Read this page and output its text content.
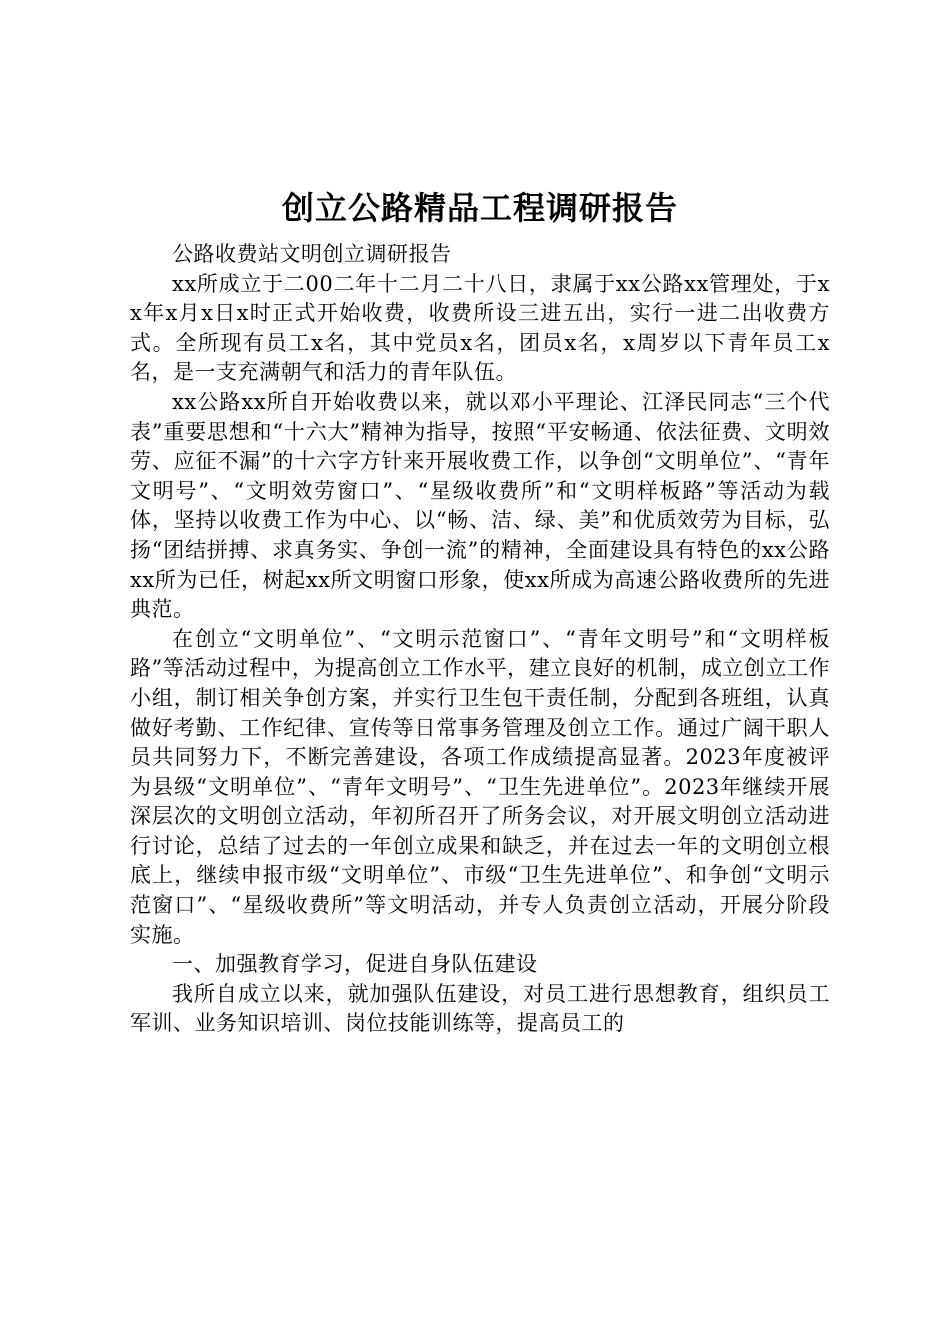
创立公路精品工程调研报告

公路收费站文明创立调研报告

xx所成立于二00二年十二月二十八日，隶属于xx公路xx管理处，于xx年x月x日x时正式开始收费，收费所设三进五出，实行一进二出收费方式。全所现有员工x名，其中党员x名，团员x名，x周岁以下青年员工x名，是一支充满朝气和活力的青年队伍。

xx公路xx所自开始收费以来，就以邓小平理论、江泽民同志“三个代表”重要思想和“十六大”精神为指导，按照“平安畅通、依法征费、文明效劳、应征不漏”的十六字方针来开展收费工作，以争创“文明单位”、“青年文明号”、“文明效劳窗口”、“星级收费所”和“文明样板路”等活动为载体，坚持以收费工作为中心、以“畅、洁、绿、美”和优质效劳为目标，弘扬“团结拼搏、求真务实、争创一流”的精神，全面建设具有特色的xx公路xx所为已任，树起xx所文明窗口形象，使xx所成为高速公路收费所的先进典范。

在创立“文明单位”、“文明示范窗口”、“青年文明号”和“文明样板路”等活动过程中，为提高创立工作水平，建立良好的机制，成立创立工作小组，制订相关争创方案，并实行卫生包干责任制，分配到各班组，认真做好考勤、工作纪律、宣传等日常事务管理及创立工作。通过广阔干职人员共同努力下，不断完善建设，各项工作成绩提高显著。2023年度被评为县级“文明单位”、“青年文明号”、“卫生先进单位”。2023年继续开展深层次的文明创立活动，年初所召开了所务会议，对开展文明创立活动进行讨论，总结了过去的一年创立成果和缺乏，并在过去一年的文明创立根底上，继续申报市级“文明单位”、市级“卫生先进单位”、和争创“文明示范窗口”、“星级收费所”等文明活动，并专人负责创立活动，开展分阶段实施。

一、加强教育学习，促进自身队伍建设

我所自成立以来，就加强队伍建设，对员工进行思想教育，组织员工军训、业务知识培训、岗位技能训练等，提高员工的
